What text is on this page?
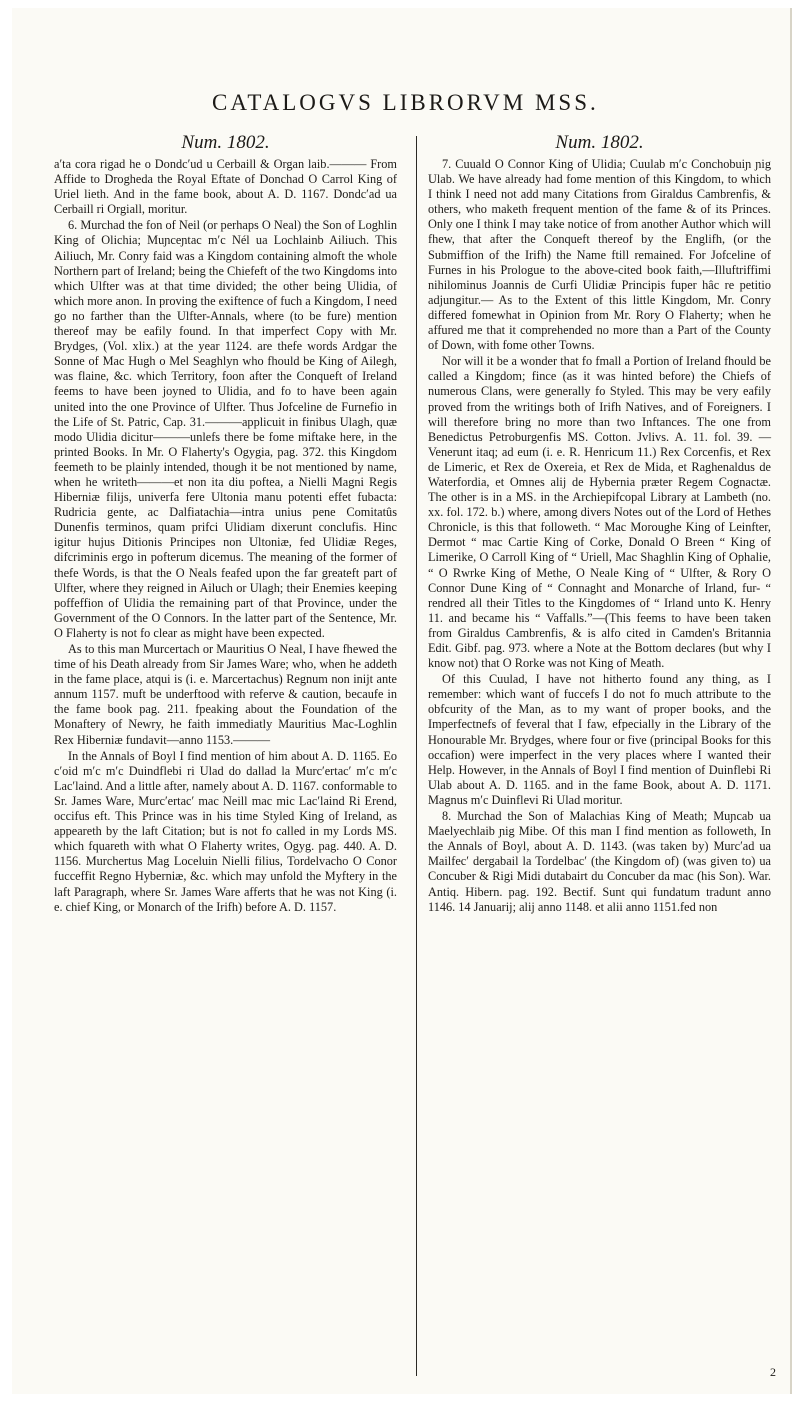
CATALOGVS LIBRORVM MSS.
Num. 1802.

aʹta cora rigad he o Dondcʹud u Cerbaill & Organ laib.——— From Affide to Drogheda the Royal Eftate of Donchad O Carrol King of Uriel lieth. And in the fame book, about A. D. 1167. Dondcʹad ua Cerbaill ri Orgiall, moritur.

6. Murchad the fon of Neil (or perhaps O Neal) the Son of Loghlin King of Olichia; Muɲceɲtac mʹc Nél ua Lochlainb Ailiuch. This Ailiuch, Mr. Conry faid was a Kingdom containing almoft the whole Northern part of Ireland; being the Chiefeft of the two Kingdoms into which Ulfter was at that time divided; the other being Ulidia, of which more anon. In proving the exiftence of fuch a Kingdom, I need go no farther than the Ulfter-Annals, where (to be fure) mention thereof may be eafily found. In that imperfect Copy with Mr. Brydges, (Vol. xlix.) at the year 1124. are thefe words Ardgar the Sonne of Mac Hugh o Mel Seaghlyn who fhould be King of Ailegh, was flaine, &c. which Territory, foon after the Conqueft of Ireland feems to have been joyned to Ulidia, and fo to have been again united into the one Province of Ulfter. Thus Jofceline de Furnefio in the Life of St. Patric, Cap. 31.———applicuit in finibus Ulagh, quæ modo Ulidia dicitur———unlefs there be fome miftake here, in the printed Books. In Mr. O Flaherty's Ogygia, pag. 372. this Kingdom feemeth to be plainly intended, though it be not mentioned by name, when he writeth———et non ita diu poftea, a Nielli Magni Regis Hiberniæ filijs, univerfa fere Ultonia manu potenti effet fubacta: Rudricia gente, ac Dalfiatachia—intra unius pene Comitatûs Dunenfis terminos, quam prifci Ulidiam dixerunt conclufis. Hinc igitur hujus Ditionis Principes non Ultoniæ, fed Ulidiæ Reges, difcriminis ergo in pofterum dicemus. The meaning of the former of thefe Words, is that the O Neals feafed upon the far greateft part of Ulfter, where they reigned in Ailuch or Ulagh; their Enemies keeping poffeffion of Ulidia the remaining part of that Province, under the Government of the O Connors. In the latter part of the Sentence, Mr. O Flaherty is not fo clear as might have been expected.

As to this man Murcertach or Mauritius O Neal, I have fhewed the time of his Death already from Sir James Ware; who, when he addeth in the fame place, atqui is (i. e. Marcertachus) Regnum non inijt ante annum 1157. muft be underftood with referve & caution, becaufe in the fame book pag. 211. fpeaking about the Foundation of the Monaftery of Newry, he faith immediatly Mauritius Mac-Loghlin Rex Hiberniæ fundavit—anno 1153.———

In the Annals of Boyl I find mention of him about A. D. 1165. Eo cʹoid mʹc mʹc Duindflebi ri Ulad do dallad la Murcʹertacʹ mʹc mʹc Lacʹlaind. And a little after, namely about A. D. 1167. conformable to Sr. James Ware, Murcʹertacʹ mac Neill mac mic Lacʹlaind Ri Erend, occifus eft. This Prince was in his time Styled King of Ireland, as appeareth by the laft Citation; but is not fo called in my Lords MS. which fquareth with what O Flaherty writes, Ogyg. pag. 440. A. D. 1156. Murchertus Mag Loceluin Nielli filius, Tordelvacho O Conor fucceffit Regno Hyberniæ, &c. which may unfold the Myftery in the laft Paragraph, where Sr. James Ware afferts that he was not King (i. e. chief King, or Monarch of the Irifh) before A. D. 1157.

Num. 1802.

7. Cuuald O Connor King of Ulidia; Cuulab mʹc Conchobuiɲ ɲig Ulab. We have already had fome mention of this Kingdom, to which I think I need not add many Citations from Giraldus Cambrenfis, & others, who maketh frequent mention of the fame & of its Princes. Only one I think I may take notice of from another Author which will fhew, that after the Conqueft thereof by the Englifh, (or the Submiffion of the Irifh) the Name ftill remained. For Jofceline of Furnes in his Prologue to the above-cited book faith,—Illuftriffimi nihilominus Joannis de Curfi Ulidiæ Principis fuper hâc re petitio adjungitur.— As to the Extent of this little Kingdom, Mr. Conry differed fomewhat in Opinion from Mr. Rory O Flaherty; when he affured me that it comprehended no more than a Part of the County of Down, with fome other Towns.

Nor will it be a wonder that fo fmall a Portion of Ireland fhould be called a Kingdom; fince (as it was hinted before) the Chiefs of numerous Clans, were generally fo Styled. This may be very eafily proved from the writings both of Irifh Natives, and of Foreigners. I will therefore bring no more than two Inftances. The one from Benedictus Petroburgenfis MS. Cotton. Jvlivs. A. 11. fol. 39. —Venerunt itaq; ad eum (i. e. R. Henricum 11.) Rex Corcenfis, et Rex de Limeric, et Rex de Oxereia, et Rex de Mida, et Raghenaldus de Waterfordia, et Omnes alij de Hybernia præter Regem Cognactæ. The other is in a MS. in the Archiepifcopal Library at Lambeth (no. xx. fol. 172. b.) where, among divers Notes out of the Lord of Hethes Chronicle, is this that followeth. “ Mac Moroughe King of Leinfter, Dermot “ mac Cartie King of Corke, Donald O Breen “ King of Limerike, O Carroll King of “ Uriell, Mac Shaghlin King of Ophalie, “ O Rwrke King of Methe, O Neale King of “ Ulfter, & Rory O Connor Dune King of “ Connaght and Monarche of Irland, fur- “ rendred all their Titles to the Kingdomes of “ Irland unto K. Henry 11. and became his “ Vaffalls.”—(This feems to have been taken from Giraldus Cambrenfis, & is alfo cited in Camden's Britannia Edit. Gibf. pag. 973. where a Note at the Bottom declares (but why I know not) that O Rorke was not King of Meath.

Of this Cuulad, I have not hitherto found any thing, as I remember: which want of fuccefs I do not fo much attribute to the obfcurity of the Man, as to my want of proper books, and the Imperfectnefs of feveral that I faw, efpecially in the Library of the Honourable Mr. Brydges, where four or five (principal Books for this occafion) were imperfect in the very places where I wanted their Help. However, in the Annals of Boyl I find mention of Duinflebi Ri Ulab about A. D. 1165. and in the fame Book, about A. D. 1171. Magnus mʹc Duinflevi Ri Ulad moritur.

8. Murchad the Son of Malachias King of Meath; Muɲcab ua Maelyechlaib ɲig Mibe. Of this man I find mention as followeth, In the Annals of Boyl, about A. D. 1143. (was taken by) Murcʹad ua Mailfecʹ dergabail la Tordelbacʹ (the Kingdom of) (was given to) ua Concuber & Rigi Midi dutabairt du Concuber da mac (his Son). War. Antiq. Hibern. pag. 192. Bectif. Sunt qui fundatum tradunt anno 1146. 14 Januarij; alij anno 1148. et alii anno 1151.fed non

2
